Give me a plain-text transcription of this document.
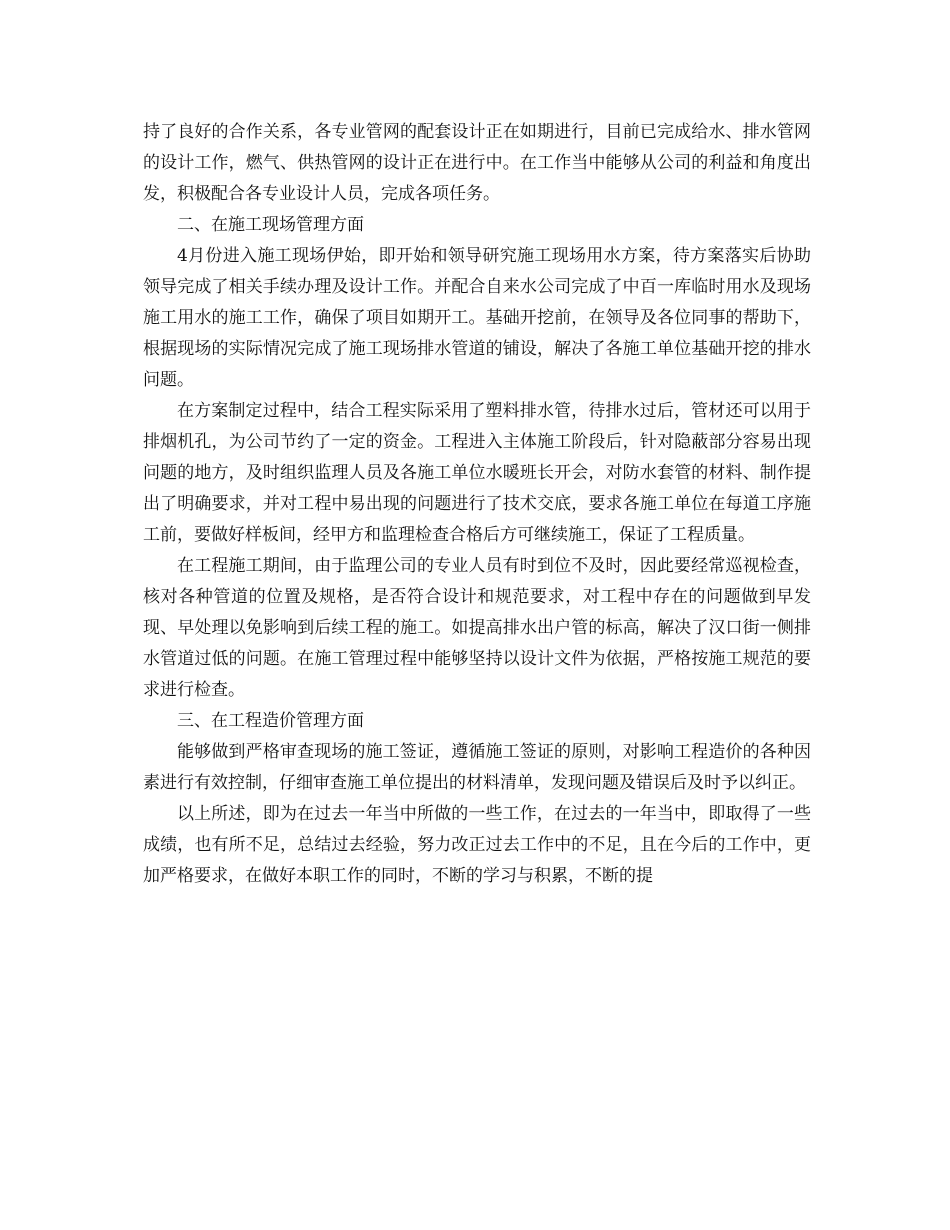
持了良好的合作关系，各专业管网的配套设计正在如期进行，目前已完成给水、排水管网的设计工作，燃气、供热管网的设计正在进行中。在工作当中能够从公司的利益和角度出发，积极配合各专业设计人员，完成各项任务。

二、在施工现场管理方面

4月份进入施工现场伊始，即开始和领导研究施工现场用水方案，待方案落实后协助领导完成了相关手续办理及设计工作。并配合自来水公司完成了中百一库临时用水及现场施工用水的施工工作，确保了项目如期开工。基础开挖前，在领导及各位同事的帮助下，根据现场的实际情况完成了施工现场排水管道的铺设，解决了各施工单位基础开挖的排水问题。

在方案制定过程中，结合工程实际采用了塑料排水管，待排水过后，管材还可以用于排烟机孔，为公司节约了一定的资金。工程进入主体施工阶段后，针对隐蔽部分容易出现问题的地方，及时组织监理人员及各施工单位水暖班长开会，对防水套管的材料、制作提出了明确要求，并对工程中易出现的问题进行了技术交底，要求各施工单位在每道工序施工前，要做好样板间，经甲方和监理检查合格后方可继续施工，保证了工程质量。

在工程施工期间，由于监理公司的专业人员有时到位不及时，因此要经常巡视检查，核对各种管道的位置及规格，是否符合设计和规范要求，对工程中存在的问题做到早发现、早处理以免影响到后续工程的施工。如提高排水出户管的标高，解决了汉口街一侧排水管道过低的问题。在施工管理过程中能够坚持以设计文件为依据，严格按施工规范的要求进行检查。

三、在工程造价管理方面

能够做到严格审查现场的施工签证，遵循施工签证的原则，对影响工程造价的各种因素进行有效控制，仔细审查施工单位提出的材料清单，发现问题及错误后及时予以纠正。

以上所述，即为在过去一年当中所做的一些工作，在过去的一年当中，即取得了一些成绩，也有所不足，总结过去经验，努力改正过去工作中的不足，且在今后的工作中，更加严格要求，在做好本职工作的同时，不断的学习与积累，不断的提
